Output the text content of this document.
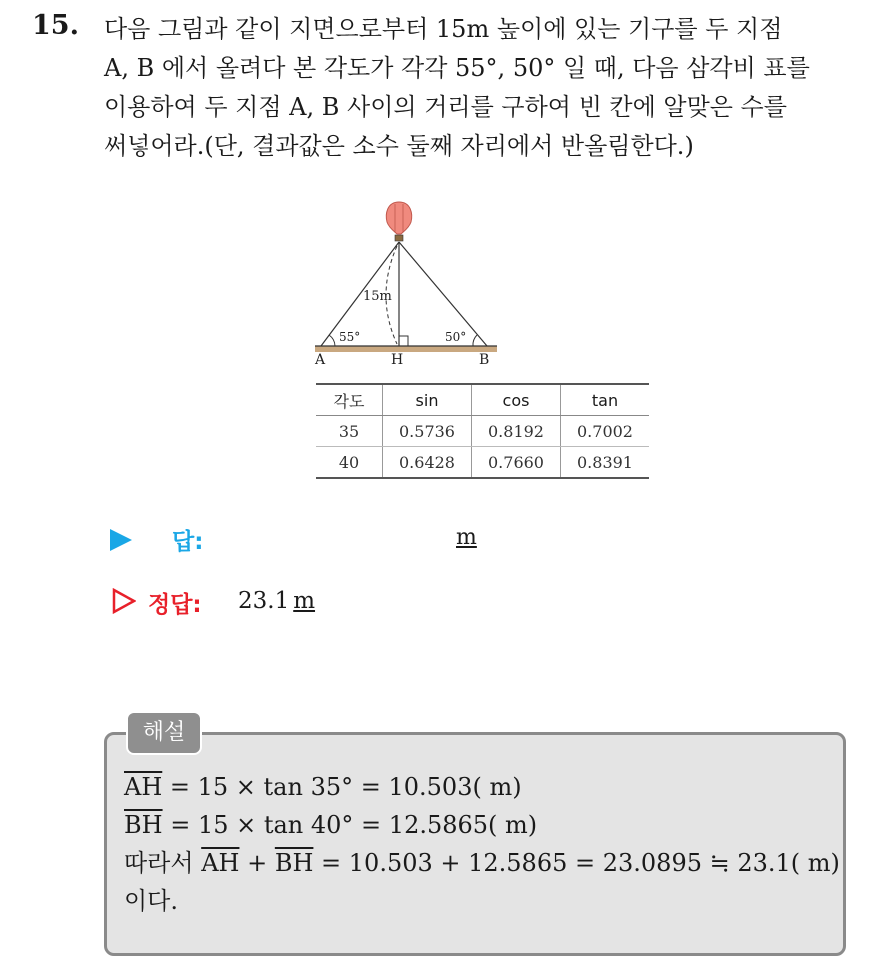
15. 다음 그림과 같이 지면으로부터 15m 높이에 있는 기구를 두 지점
A, B 에서 올려다 본 각도가 각각 55°, 50° 일 때, 다음 삼각비 표를
이용하여 두 지점 A, B 사이의 거리를 구하여 빈 칸에 알맞은 수를
써넣어라.(단, 결과값은 소수 둘째 자리에서 반올림한다.)
15m
55°	50°
A	H	B
각도	sin	cos	tan
35	0.5736	0.8192	0.7002
40	0.6428	0.7660	0.8391
답:	m
정답: 23.1 m
해설
$\overline{AH} = 15 \times \tan 35^\circ = 10.503$( m)
$\overline{BH} = 15 \times \tan 40^\circ = 12.5865$( m)
따라서 $\overline{AH} + \overline{BH} = 10.503 + 12.5865 = 23.0895$ ≒ 23.1( m)
이다.
